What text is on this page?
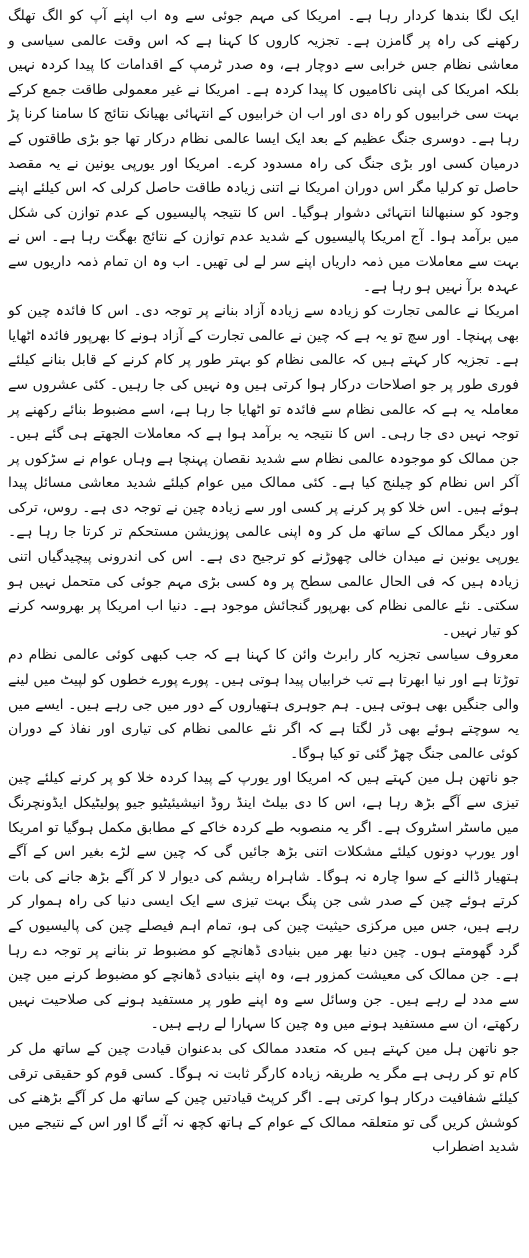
ایک لگا بندھا کردار رہا ہے۔ امریکا کی مہم جوئی سے وہ اب اپنے آپ کو الگ تھلگ رکھنے کی راہ پر گامزن ہے۔ تجزیہ کاروں کا کہنا ہے کہ اس وقت عالمی سیاسی و معاشی نظام جس خرابی سے دوچار ہے، وہ صدر ٹرمپ کے اقدامات کا پیدا کردہ نہیں بلکہ امریکا کی اپنی ناکامیوں کا پیدا کردہ ہے۔ امریکا نے غیر معمولی طاقت جمع کرکے بہت سی خرابیوں کو راہ دی اور اب ان خرابیوں کے انتہائی بھیانک نتائج کا سامنا کرنا پڑ رہا ہے۔ دوسری جنگ عظیم کے بعد ایک ایسا عالمی نظام درکار تھا جو بڑی طاقتوں کے درمیان کسی اور بڑی جنگ کی راہ مسدود کرے۔ امریکا اور یورپی یونین نے یہ مقصد حاصل تو کرلیا مگر اس دوران امریکا نے اتنی زیادہ طاقت حاصل کرلی کہ اس کیلئے اپنے وجود کو سنبھالنا انتہائی دشوار ہوگیا۔ اس کا نتیجہ پالیسیوں کے عدم توازن کی شکل میں برآمد ہوا۔ آج امریکا پالیسیوں کے شدید عدم توازن کے نتائج بھگت رہا ہے۔ اس نے بہت سے معاملات میں ذمہ داریاں اپنے سر لے لی تھیں۔ اب وہ ان تمام ذمہ داریوں سے عہدہ برآ نہیں ہو رہا ہے۔

امریکا نے عالمی تجارت کو زیادہ سے زیادہ آزاد بنانے پر توجہ دی۔ اس کا فائدہ چین کو بھی پہنچا۔ اور سچ تو یہ ہے کہ چین نے عالمی تجارت کے آزاد ہونے کا بھرپور فائدہ اٹھایا ہے۔ تجزیہ کار کہتے ہیں کہ عالمی نظام کو بہتر طور پر کام کرنے کے قابل بنانے کیلئے فوری طور پر جو اصلاحات درکار ہوا کرتی ہیں وہ نہیں کی جا رہیں۔ کئی عشروں سے معاملہ یہ ہے کہ عالمی نظام سے فائدہ تو اٹھایا جا رہا ہے، اسے مضبوط بنائے رکھنے پر توجہ نہیں دی جا رہی۔ اس کا نتیجہ یہ برآمد ہوا ہے کہ معاملات الجھتے ہی گئے ہیں۔ جن ممالک کو موجودہ عالمی نظام سے شدید نقصان پہنچا ہے وہاں عوام نے سڑکوں پر آکر اس نظام کو چیلنج کیا ہے۔ کئی ممالک میں عوام کیلئے شدید معاشی مسائل پیدا ہوئے ہیں۔ اس خلا کو پر کرنے پر کسی اور سے زیادہ چین نے توجہ دی ہے۔ روس، ترکی اور دیگر ممالک کے ساتھ مل کر وہ اپنی عالمی پوزیشن مستحکم تر کرتا جا رہا ہے۔ یورپی یونین نے میدان خالی چھوڑنے کو ترجیح دی ہے۔ اس کی اندرونی پیچیدگیاں اتنی زیادہ ہیں کہ فی الحال عالمی سطح پر وہ کسی بڑی مہم جوئی کی متحمل نہیں ہو سکتی۔ نئے عالمی نظام کی بھرپور گنجائش موجود ہے۔ دنیا اب امریکا پر بھروسہ کرنے کو تیار نہیں۔

معروف سیاسی تجزیہ کار رابرٹ وائن کا کہنا ہے کہ جب کبھی کوئی عالمی نظام دم توڑتا ہے اور نیا ابھرتا ہے تب خرابیاں پیدا ہوتی ہیں۔ پورے پورے خطوں کو لپیٹ میں لینے والی جنگیں بھی ہوتی ہیں۔ ہم جوہری ہتھیاروں کے دور میں جی رہے ہیں۔ ایسے میں یہ سوچتے ہوئے بھی ڈر لگتا ہے کہ اگر نئے عالمی نظام کی تیاری اور نفاذ کے دوران کوئی عالمی جنگ چھڑ گئی تو کیا ہوگا۔

جو ناتھن ہل مین کہتے ہیں کہ امریکا اور یورپ کے پیدا کردہ خلا کو پر کرنے کیلئے چین تیزی سے آگے بڑھ رہا ہے، اس کا دی بیلٹ اینڈ روڈ انیشیئیٹیو جیو پولیٹیکل ایڈونچرنگ میں ماسٹر اسٹروک ہے۔ اگر یہ منصوبہ طے کردہ خاکے کے مطابق مکمل ہوگیا تو امریکا اور یورپ دونوں کیلئے مشکلات اتنی بڑھ جائیں گی کہ چین سے لڑے بغیر اس کے آگے ہتھیار ڈالنے کے سوا چارہ نہ ہوگا۔ شاہراہ ریشم کی دیوار لا کر آگے بڑھ جانے کی بات کرتے ہوئے چین کے صدر شی جن پنگ بہت تیزی سے ایک ایسی دنیا کی راہ ہموار کر رہے ہیں، جس میں مرکزی حیثیت چین کی ہو، تمام اہم فیصلے چین کی پالیسیوں کے گرد گھومتے ہوں۔ چین دنیا بھر میں بنیادی ڈھانچے کو مضبوط تر بنانے پر توجہ دے رہا ہے۔ جن ممالک کی معیشت کمزور ہے، وہ اپنے بنیادی ڈھانچے کو مضبوط کرنے میں چین سے مدد لے رہے ہیں۔ جن وسائل سے وہ اپنے طور پر مستفید ہونے کی صلاحیت نہیں رکھتے، ان سے مستفید ہونے میں وہ چین کا سہارا لے رہے ہیں۔

جو ناتھن ہل مین کہتے ہیں کہ متعدد ممالک کی بدعنوان قیادت چین کے ساتھ مل کر کام تو کر رہی ہے مگر یہ طریقہ زیادہ کارگر ثابت نہ ہوگا۔ کسی قوم کو حقیقی ترقی کیلئے شفافیت درکار ہوا کرتی ہے۔ اگر کرپٹ قیادتیں چین کے ساتھ مل کر آگے بڑھنے کی کوشش کریں گی تو متعلقہ ممالک کے عوام کے ہاتھ کچھ نہ آئے گا اور اس کے نتیجے میں شدید اضطراب
